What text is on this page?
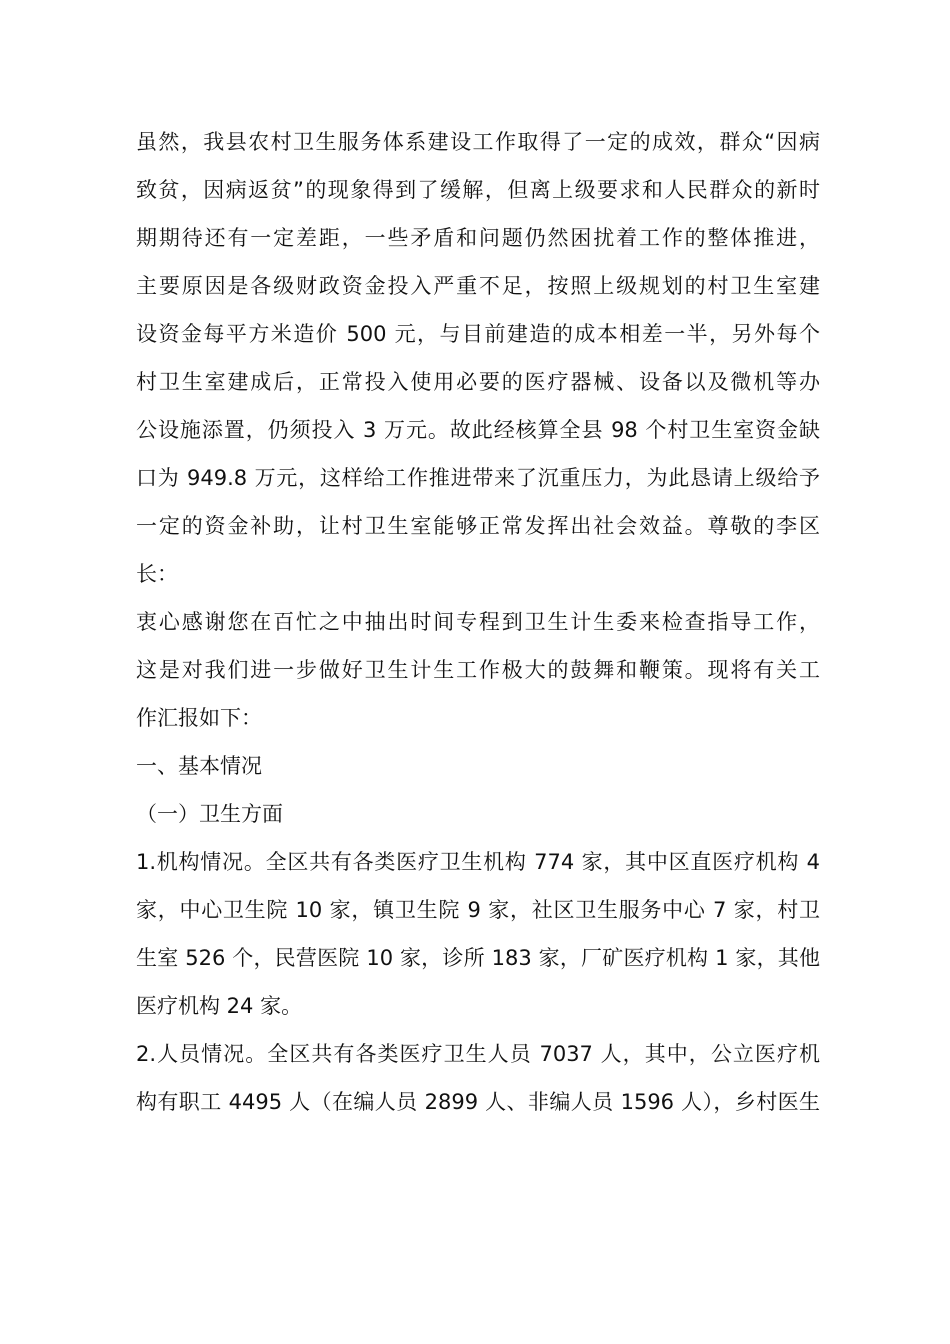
虽然，我县农村卫生服务体系建设工作取得了一定的成效，群众“因病
致贫，因病返贫”的现象得到了缓解，但离上级要求和人民群众的新时
期期待还有一定差距，一些矛盾和问题仍然困扰着工作的整体推进，
主要原因是各级财政资金投入严重不足，按照上级规划的村卫生室建
设资金每平方米造价 500 元，与目前建造的成本相差一半，另外每个
村卫生室建成后，正常投入使用必要的医疗器械、设备以及微机等办
公设施添置，仍须投入 3 万元。故此经核算全县 98 个村卫生室资金缺
口为 949.8 万元，这样给工作推进带来了沉重压力，为此恳请上级给予
一定的资金补助，让村卫生室能够正常发挥出社会效益。尊敬的李区
长：
衷心感谢您在百忙之中抽出时间专程到卫生计生委来检查指导工作，
这是对我们进一步做好卫生计生工作极大的鼓舞和鞭策。现将有关工
作汇报如下：
一、基本情况
（一）卫生方面
1.机构情况。全区共有各类医疗卫生机构 774 家，其中区直医疗机构 4
家，中心卫生院 10 家，镇卫生院 9 家，社区卫生服务中心 7 家，村卫
生室 526 个，民营医院 10 家，诊所 183 家，厂矿医疗机构 1 家，其他
医疗机构 24 家。
2.人员情况。全区共有各类医疗卫生人员 7037 人，其中，公立医疗机
构有职工 4495 人（在编人员 2899 人、非编人员 1596 人），乡村医生
